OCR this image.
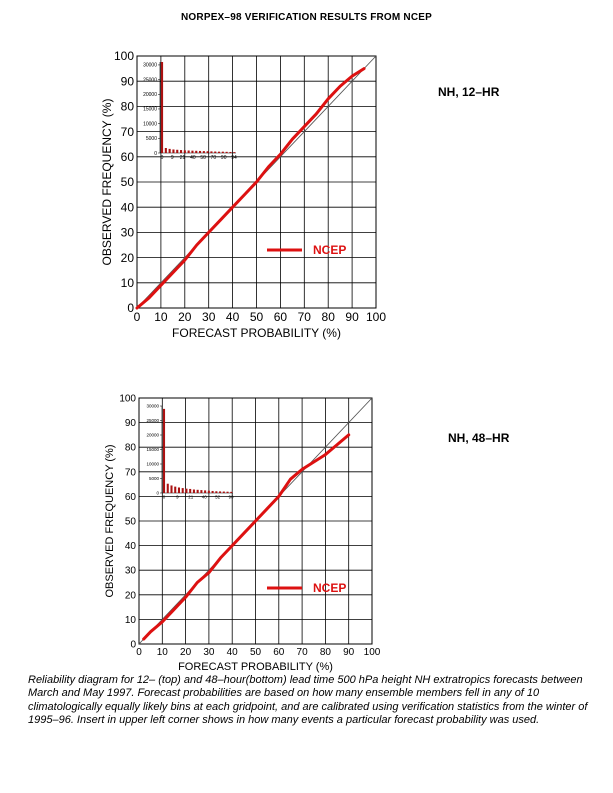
NORPEX–98 VERIFICATION RESULTS FROM NCEP
0 10 20 30 40 50 60 70 80 90 100
0
10
20
30
40
50
60
70
80
90
100
FORECAST PROBABILITY (%)
OBSERVED FREQUENCY (%)
NH, 12–HR
0
5000
10000
15000
20000
25000
30000
0 9 21 40 50 70 90 94
NCEP
0 10 20 30 40 50 60 70 80 90 100
0
10
20
30
40
50
60
70
80
90
100
FORECAST PROBABILITY (%)
OBSERVED FREQUENCY (%)
NH, 48–HR
0
5000
10000
15000
20000
25000
30000
0 9 21 40 52 90
NCEP
Reliability diagram for 12– (top) and 48–hour(bottom) lead time 500 hPa height NH extratropics forecasts between March and May 1997. Forecast probabilities are based on how many ensemble members fell in any of 10 climatologically equally likely bins at each gridpoint, and are calibrated using verification statistics from the winter of 1995–96. Insert in upper left corner shows in how many events a particular forecast probability was used.
